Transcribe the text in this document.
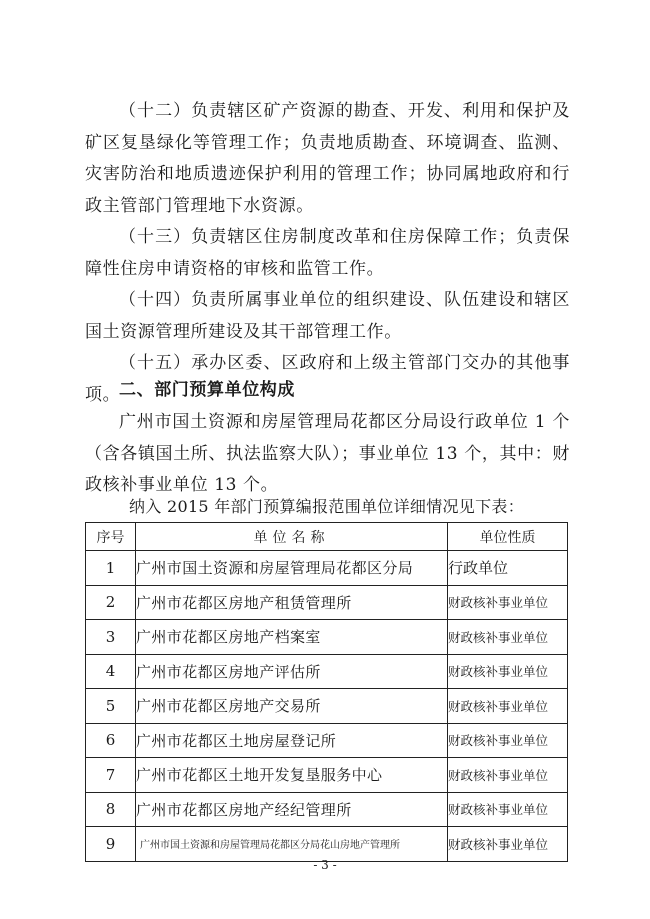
（十二）负责辖区矿产资源的勘查、开发、利用和保护及矿区复垦绿化等管理工作；负责地质勘查、环境调查、监测、灾害防治和地质遗迹保护利用的管理工作；协同属地政府和行政主管部门管理地下水资源。

（十三）负责辖区住房制度改革和住房保障工作；负责保障性住房申请资格的审核和监管工作。

（十四）负责所属事业单位的组织建设、队伍建设和辖区国土资源管理所建设及其干部管理工作。

（十五）承办区委、区政府和上级主管部门交办的其他事项。

二、部门预算单位构成

广州市国土资源和房屋管理局花都区分局设行政单位 1 个（含各镇国土所、执法监察大队）；事业单位 13 个，其中：财政核补事业单位 13 个。

纳入 2015 年部门预算编报范围单位详细情况见下表：

序号	单位名称	单位性质
1	广州市国土资源和房屋管理局花都区分局	行政单位
2	广州市花都区房地产租赁管理所	财政核补事业单位
3	广州市花都区房地产档案室	财政核补事业单位
4	广州市花都区房地产评估所	财政核补事业单位
5	广州市花都区房地产交易所	财政核补事业单位
6	广州市花都区土地房屋登记所	财政核补事业单位
7	广州市花都区土地开发复垦服务中心	财政核补事业单位
8	广州市花都区房地产经纪管理所	财政核补事业单位
9	广州市国土资源和房屋管理局花都区分局花山房地产管理所	财政核补事业单位

- 3 -
